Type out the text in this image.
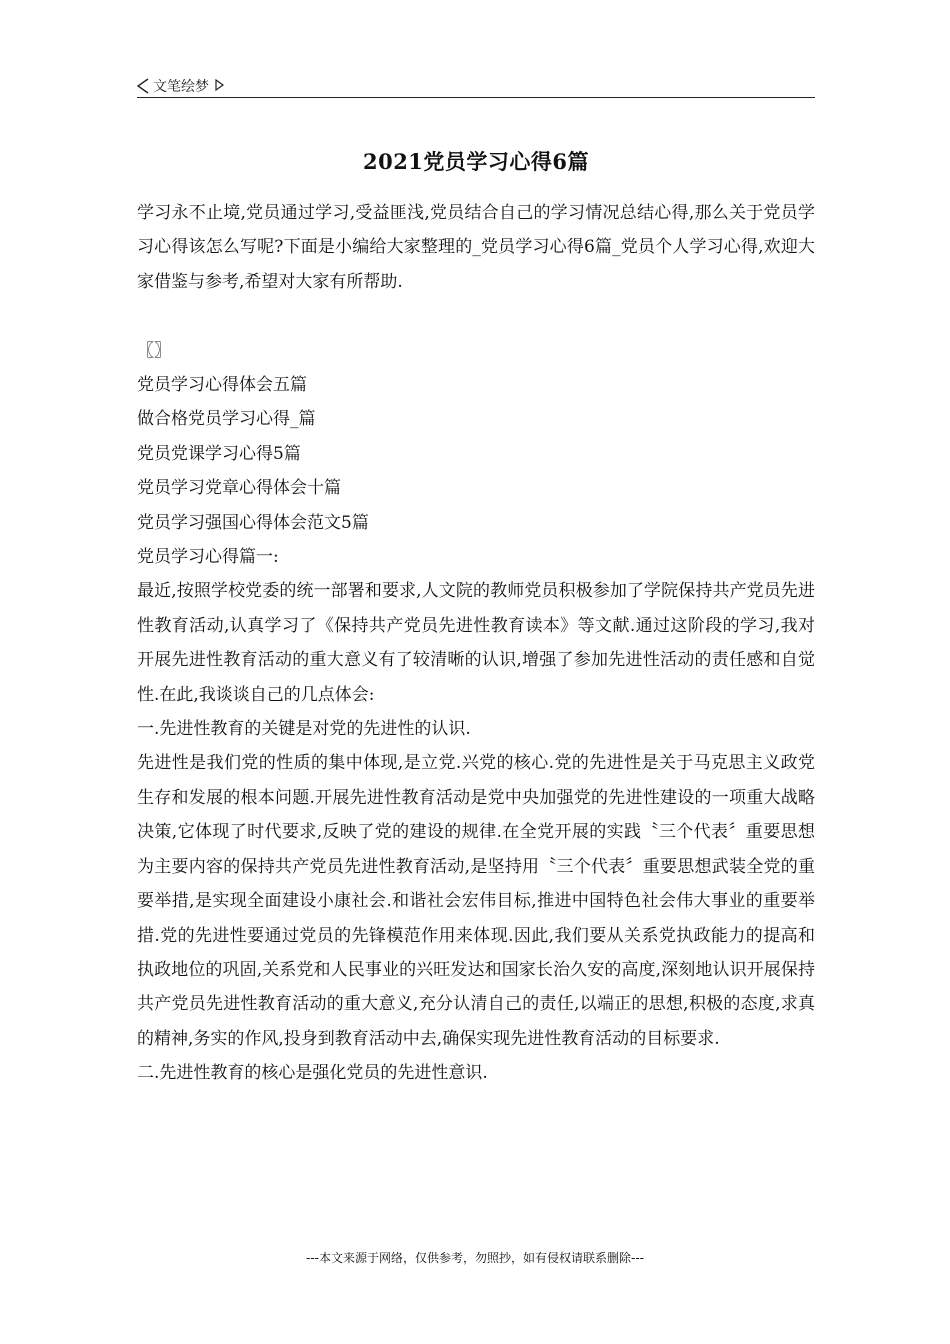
文笔绘梦
2021党员学习心得6篇

学习永不止境,党员通过学习,受益匪浅,党员结合自己的学习情况总结心得,那么关于党员学习心得该怎么写呢?下面是小编给大家整理的_党员学习心得6篇_党员个人学习心得,欢迎大家借鉴与参考,希望对大家有所帮助.

〖〗

党员学习心得体会五篇

做合格党员学习心得_篇

党员党课学习心得5篇

党员学习党章心得体会十篇

党员学习强国心得体会范文5篇

党员学习心得篇一:

最近,按照学校党委的统一部署和要求,人文院的教师党员积极参加了学院保持共产党员先进性教育活动,认真学习了《保持共产党员先进性教育读本》等文献.通过这阶段的学习,我对开展先进性教育活动的重大意义有了较清晰的认识,增强了参加先进性活动的责任感和自觉性.在此,我谈谈自己的几点体会:

一.先进性教育的关键是对党的先进性的认识.

先进性是我们党的性质的集中体现,是立党.兴党的核心.党的先进性是关于马克思主义政党生存和发展的根本问题.开展先进性教育活动是党中央加强党的先进性建设的一项重大战略决策,它体现了时代要求,反映了党的建设的规律.在全党开展的实践〝三个代表〞重要思想为主要内容的保持共产党员先进性教育活动,是坚持用〝三个代表〞重要思想武装全党的重要举措,是实现全面建设小康社会.和谐社会宏伟目标,推进中国特色社会伟大事业的重要举措.党的先进性要通过党员的先锋模范作用来体现.因此,我们要从关系党执政能力的提高和执政地位的巩固,关系党和人民事业的兴旺发达和国家长治久安的高度,深刻地认识开展保持共产党员先进性教育活动的重大意义,充分认清自己的责任,以端正的思想,积极的态度,求真的精神,务实的作风,投身到教育活动中去,确保实现先进性教育活动的目标要求.

二.先进性教育的核心是强化党员的先进性意识.

---本文来源于网络，仅供参考，勿照抄，如有侵权请联系删除---
